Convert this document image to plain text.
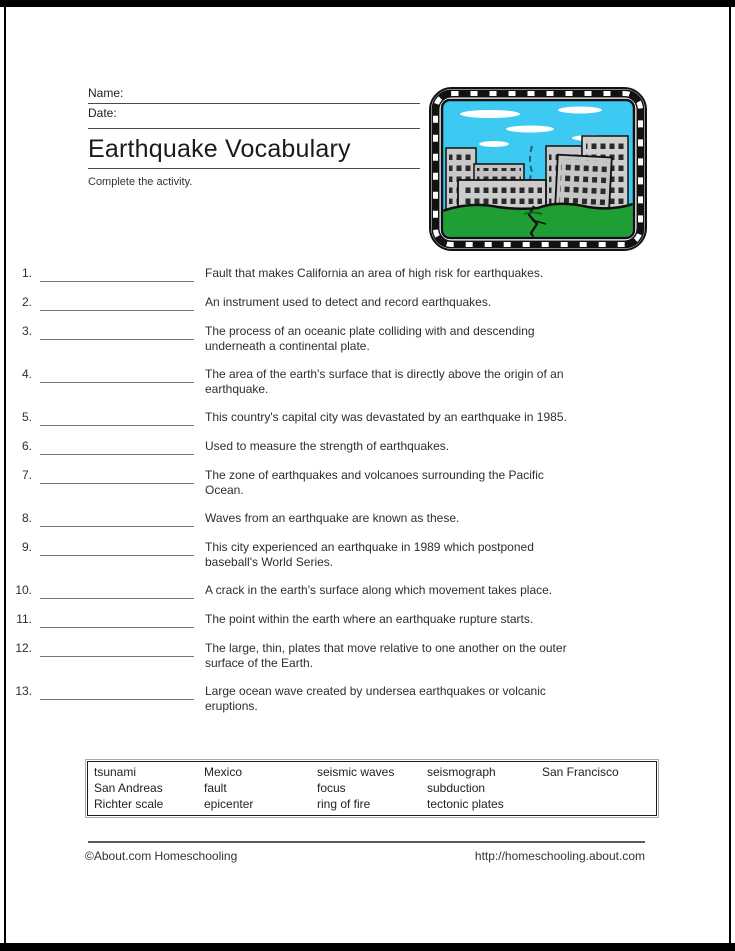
Name:
Date:
Earthquake Vocabulary
Complete the activity.
1.	Fault that makes California an area of high risk for earthquakes.
2.	An instrument used to detect and record earthquakes.
3.	The process of an oceanic plate colliding with and descending underneath a continental plate.
4.	The area of the earth's surface that is directly above the origin of an earthquake.
5.	This country's capital city was devastated by an earthquake in 1985.
6.	Used to measure the strength of earthquakes.
7.	The zone of earthquakes and volcanoes surrounding the Pacific Ocean.
8.	Waves from an earthquake are known as these.
9.	This city experienced an earthquake in 1989 which postponed baseball's World Series.
10.	A crack in the earth's surface along which movement takes place.
11.	The point within the earth where an earthquake rupture starts.
12.	The large, thin, plates that move relative to one another on the outer surface of the Earth.
13.	Large ocean wave created by undersea earthquakes or volcanic eruptions.
tsunami	Mexico	seismic waves	seismograph	San Francisco
San Andreas	fault	focus	subduction
Richter scale	epicenter	ring of fire	tectonic plates
©About.com Homeschooling	http://homeschooling.about.com
